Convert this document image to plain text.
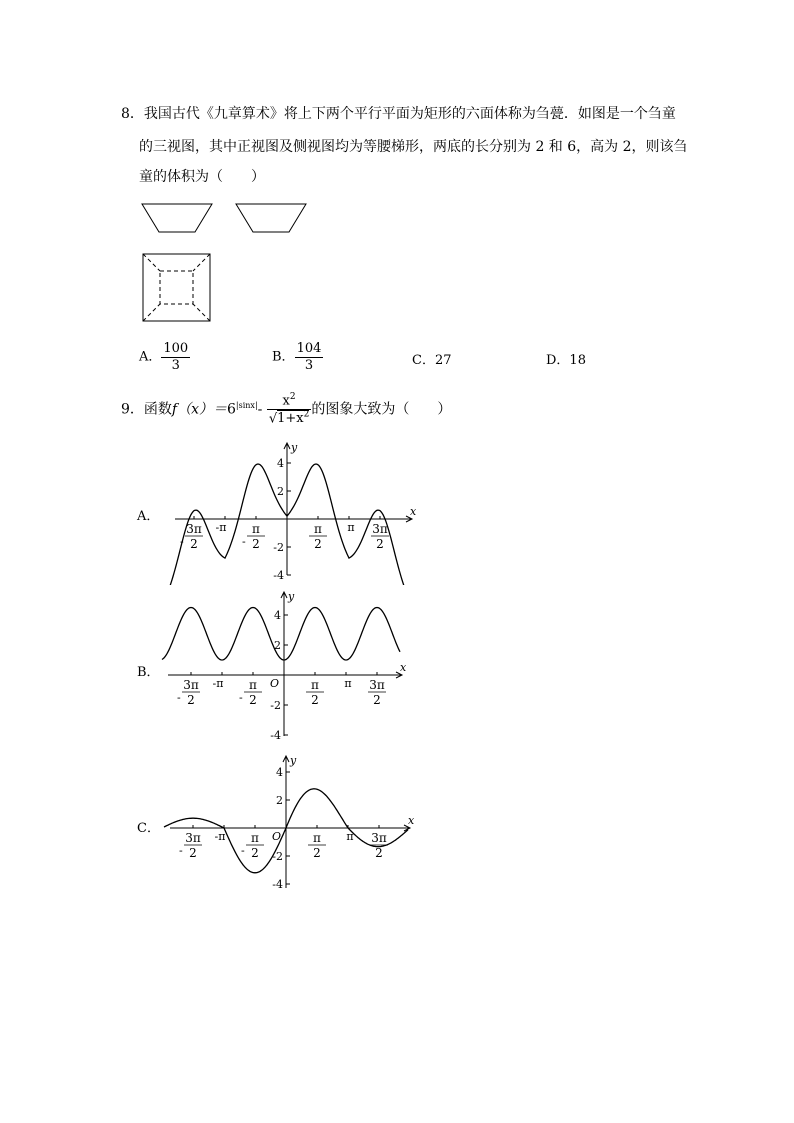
8．我国古代《九章算术》将上下两个平行平面为矩形的六面体称为刍甍．如图是一个刍童
的三视图，其中正视图及侧视图均为等腰梯形，两底的长分别为 2 和 6，高为 2，则该刍
童的体积为（　　）
A． $\frac{100}{3}$	B． $\frac{104}{3}$	C．27	D．18
9．函数$f(x)=6^{|sinx|}- \frac{x^2}{√1+x^2}$ 的图象大致为（　　）
A．
B．
C．
x
y
4
2
-2
-4
-
3π
2
-π
-
π
2
π
2
π 3π
2
x
y
4
2
-2
-4
-
3π
2
-π
-
π
2
π
2
π 3π
2
O
x
y
4
2
-2
-4
-
3π
2
-π
-
π
2
π
2
π 3π
2
O
